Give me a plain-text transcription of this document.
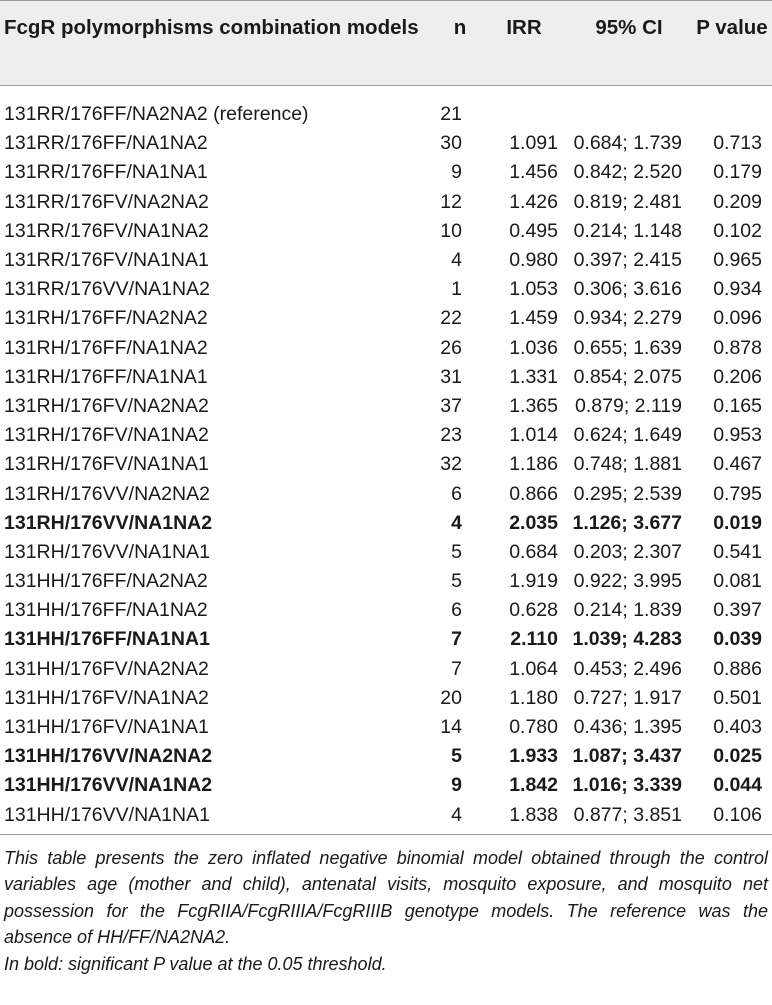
FcgR polymorphisms combination models	n	IRR	95% CI	P value
131RR/176FF/NA2NA2 (reference)	21
131RR/176FF/NA1NA2	30	1.091 0.684; 1.739	0.713
131RR/176FF/NA1NA1	9	1.456 0.842; 2.520	0.179
131RR/176FV/NA2NA2	12	1.426 0.819; 2.481	0.209
131RR/176FV/NA1NA2	10	0.495 0.214; 1.148	0.102
131RR/176FV/NA1NA1	4	0.980 0.397; 2.415	0.965
131RR/176VV/NA1NA2	1	1.053 0.306; 3.616	0.934
131RH/176FF/NA2NA2	22	1.459 0.934; 2.279	0.096
131RH/176FF/NA1NA2	26	1.036 0.655; 1.639	0.878
131RH/176FF/NA1NA1	31	1.331 0.854; 2.075	0.206
131RH/176FV/NA2NA2	37	1.365 0.879; 2.119	0.165
131RH/176FV/NA1NA2	23	1.014 0.624; 1.649	0.953
131RH/176FV/NA1NA1	32	1.186 0.748; 1.881	0.467
131RH/176VV/NA2NA2	6	0.866 0.295; 2.539	0.795
131RH/176VV/NA1NA2	4	2.035 1.126; 3.677	0.019
131RH/176VV/NA1NA1	5	0.684 0.203; 2.307	0.541
131HH/176FF/NA2NA2	5	1.919 0.922; 3.995	0.081
131HH/176FF/NA1NA2	6	0.628 0.214; 1.839	0.397
131HH/176FF/NA1NA1	7	2.110 1.039; 4.283	0.039
131HH/176FV/NA2NA2	7	1.064 0.453; 2.496	0.886
131HH/176FV/NA1NA2	20	1.180 0.727; 1.917	0.501
131HH/176FV/NA1NA1	14	0.780 0.436; 1.395	0.403
131HH/176VV/NA2NA2	5	1.933 1.087; 3.437	0.025
131HH/176VV/NA1NA2	9	1.842 1.016; 3.339	0.044
131HH/176VV/NA1NA1	4	1.838 0.877; 3.851	0.106

This table presents the zero inflated negative binomial model obtained through the control variables age (mother and child), antenatal visits, mosquito exposure, and mosquito net possession for the FcgRIIA/FcgRIIIA/FcgRIIIB genotype models. The reference was the absence of HH/FF/NA2NA2.

In bold: significant P value at the 0.05 threshold.
